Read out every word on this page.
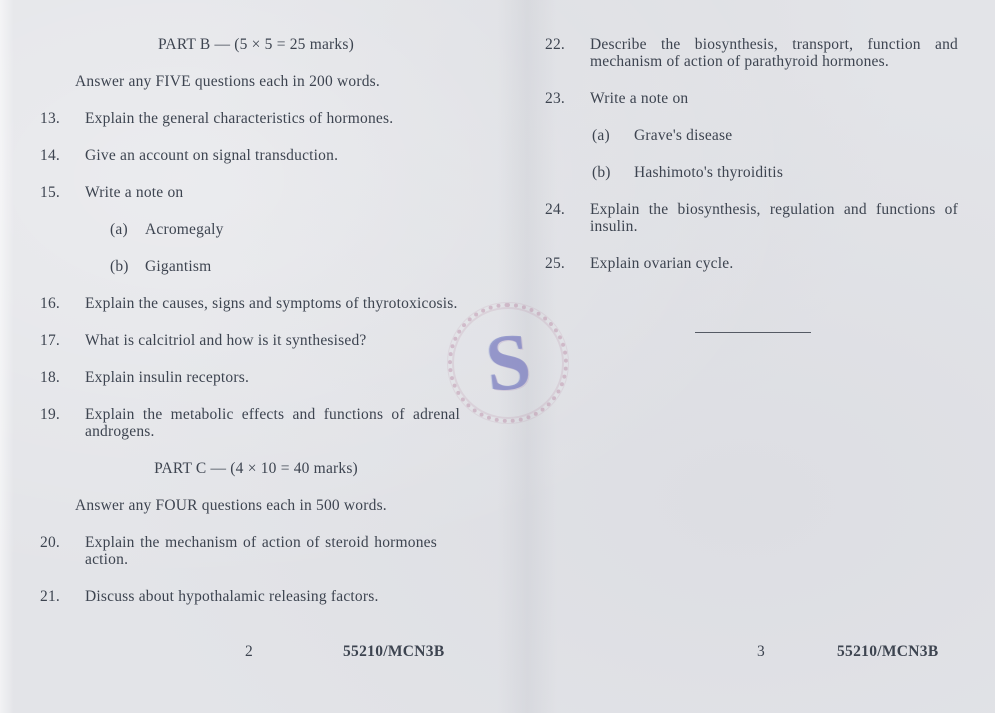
S
PART B — (5 × 5 = 25 marks)
Answer any FIVE questions each in 200 words.
13.	Explain the general characteristics of hormones.
14.	Give an account on signal transduction.
15.	Write a note on
(a)	Acromegaly
(b)	Gigantism
16.	Explain the causes, signs and symptoms of thyrotoxicosis.
17.	What is calcitriol and how is it synthesised?
18.	Explain insulin receptors.
19.	Explain the metabolic effects and functions of adrenal androgens.
PART C — (4 × 10 = 40 marks)
Answer any FOUR questions each in 500 words.
20.	Explain the mechanism of action of steroid hormones action.
21.	Discuss about hypothalamic releasing factors.
2	55210/MCN3B
22.	Describe the biosynthesis, transport, function and mechanism of action of parathyroid hormones.
23.	Write a note on
(a)	Grave's disease
(b)	Hashimoto's thyroiditis
24.	Explain the biosynthesis, regulation and functions of insulin.
25.	Explain ovarian cycle.
3	55210/MCN3B
